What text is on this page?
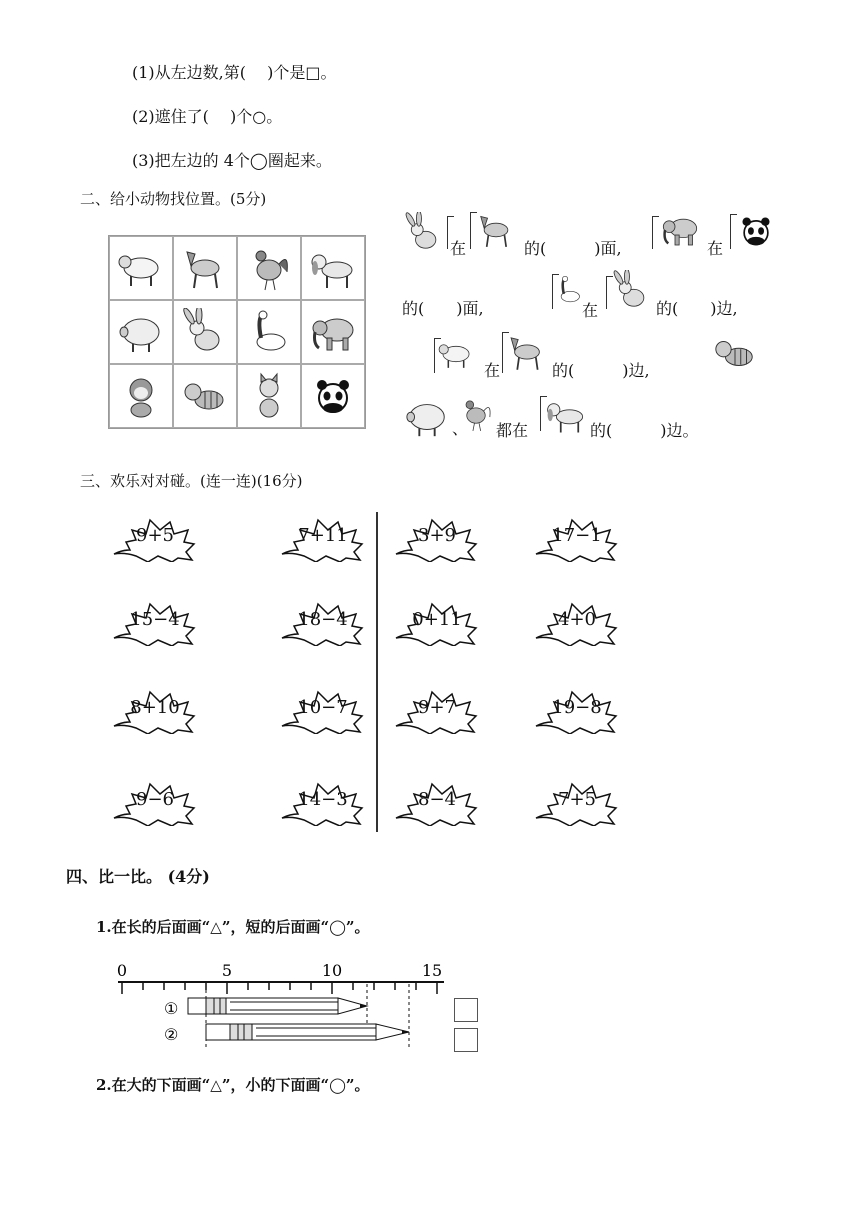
(1)从左边数,第(　 )个是□。
(2)遮住了(　 )个○。
(3)把左边的 4个◯圈起来。
二、给小动物找位置。(5分)
在	的(　　　)面,	在
的(　　)面,	在	的(　　)边,
在	的(　　　)边,
、 都在	的(　　　)边。
三、欢乐对对碰。(连一连)(16分)
9+5	7+11	3+9	17−1
15−4	18−4	0+11	4+0
8+10	10−7	9+7	19−8
9−6	14−3	8−4	7+5
四、比一比。 (4分)
1.在长的后面画“△”，短的后面画“◯”。
0	5	10	15
①
②
2.在大的下面画“△”，小的下面画“◯”。
